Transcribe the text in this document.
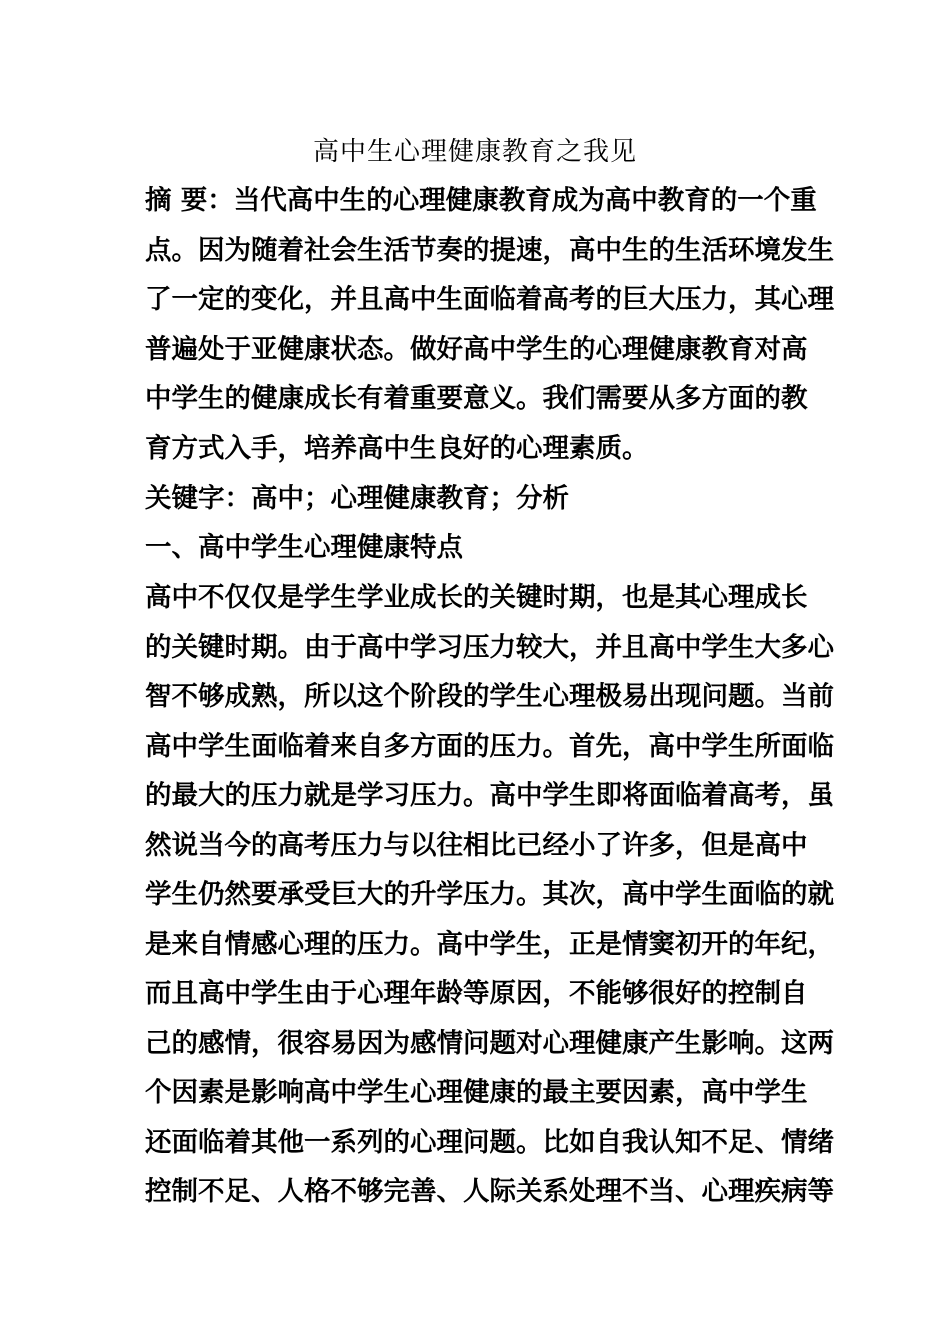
高中生心理健康教育之我见
摘 要：当代高中生的心理健康教育成为高中教育的一个重
点。因为随着社会生活节奏的提速，高中生的生活环境发生
了一定的变化，并且高中生面临着高考的巨大压力，其心理
普遍处于亚健康状态。做好高中学生的心理健康教育对高
中学生的健康成长有着重要意义。我们需要从多方面的教
育方式入手，培养高中生良好的心理素质。
关键字：高中；心理健康教育；分析
一、高中学生心理健康特点
高中不仅仅是学生学业成长的关键时期，也是其心理成长
的关键时期。由于高中学习压力较大，并且高中学生大多心
智不够成熟，所以这个阶段的学生心理极易出现问题。当前
高中学生面临着来自多方面的压力。首先，高中学生所面临
的最大的压力就是学习压力。高中学生即将面临着高考，虽
然说当今的高考压力与以往相比已经小了许多，但是高中
学生仍然要承受巨大的升学压力。其次，高中学生面临的就
是来自情感心理的压力。高中学生，正是情窦初开的年纪，
而且高中学生由于心理年龄等原因，不能够很好的控制自
己的感情，很容易因为感情问题对心理健康产生影响。这两
个因素是影响高中学生心理健康的最主要因素，高中学生
还面临着其他一系列的心理问题。比如自我认知不足、情绪
控制不足、人格不够完善、人际关系处理不当、心理疾病等
